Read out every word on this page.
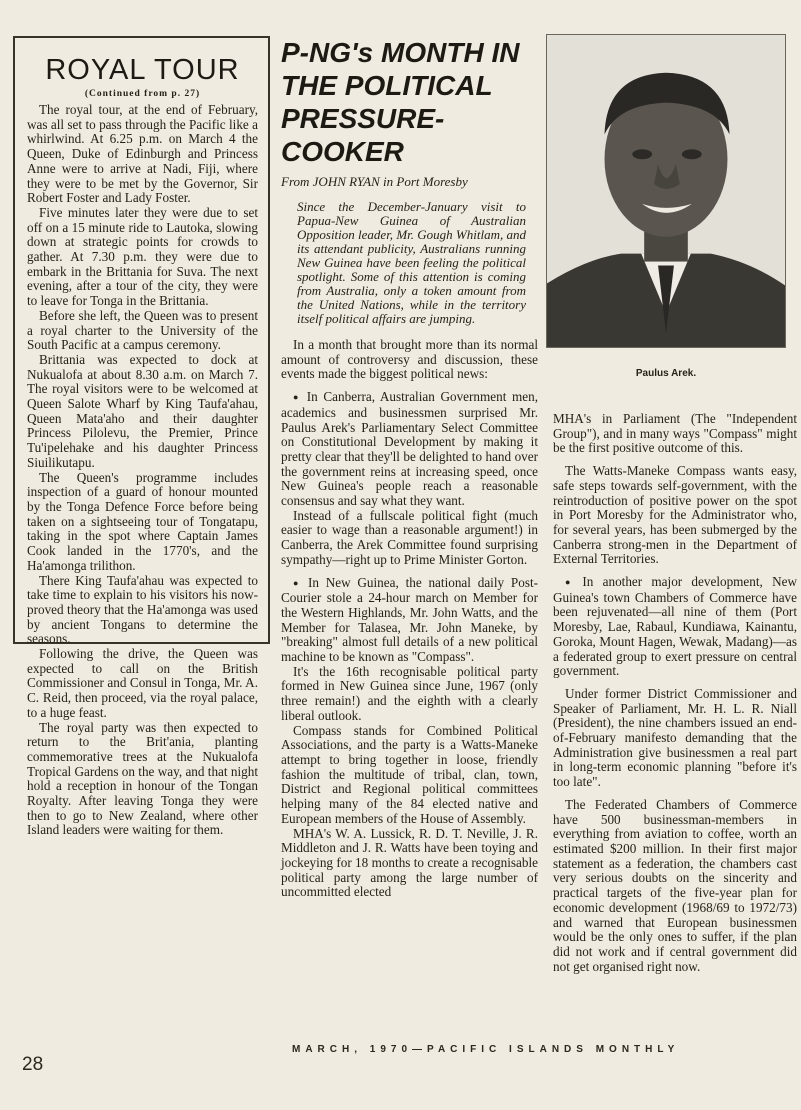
ROYAL TOUR
(Continued from p. 27)

The royal tour, at the end of February, was all set to pass through the Pacific like a whirlwind. At 6.25 p.m. on March 4 the Queen, Duke of Edinburgh and Princess Anne were to arrive at Nadi, Fiji, where they were to be met by the Governor, Sir Robert Foster and Lady Foster.

Five minutes later they were due to set off on a 15 minute ride to Lautoka, slowing down at strategic points for crowds to gather. At 7.30 p.m. they were due to embark in the Brittania for Suva. The next evening, after a tour of the city, they were to leave for Tonga in the Brittania.

Before she left, the Queen was to present a royal charter to the University of the South Pacific at a campus ceremony.

Brittania was expected to dock at Nukualofa at about 8.30 a.m. on March 7. The royal visitors were to be welcomed at Queen Salote Wharf by King Taufa'ahau, Queen Mata'aho and their daughter Princess Pilolevu, the Premier, Prince Tu'ipelehake and his daughter Princess Siuilikutapu.

The Queen's programme includes inspection of a guard of honour mounted by the Tonga Defence Force before being taken on a sightseeing tour of Tongatapu, taking in the spot where Captain James Cook landed in the 1770's, and the Ha'amonga trilithon.

There King Taufa'ahau was expected to take time to explain to his visitors his now-proved theory that the Ha'amonga was used by ancient Tongans to determine the seasons.

Following the drive, the Queen was expected to call on the British Commissioner and Consul in Tonga, Mr. A. C. Reid, then proceed, via the royal palace, to a huge feast.

The royal party was then expected to return to the Brit'ania, planting commemorative trees at the Nukualofa Tropical Gardens on the way, and that night hold a reception in honour of the Tongan Royalty. After leaving Tonga they were then to go to New Zealand, where other Island leaders were waiting for them.

P-NG's MONTH IN THE POLITICAL PRESSURE-COOKER
From JOHN RYAN in Port Moresby
Since the December-January visit to Papua-New Guinea of Australian Opposition leader, Mr. Gough Whitlam, and its attendant publicity, Australians running New Guinea have been feeling the political spotlight. Some of this attention is coming from Australia, only a token amount from the United Nations, while in the territory itself political affairs are jumping.

In a month that brought more than its normal amount of controversy and discussion, these events made the biggest political news:

● In Canberra, Australian Government men, academics and businessmen surprised Mr. Paulus Arek's Parliamentary Select Committee on Constitutional Development by making it pretty clear that they'll be delighted to hand over the government reins at increasing speed, once New Guinea's people reach a reasonable consensus and say what they want.

Instead of a fullscale political fight (much easier to wage than a reasonable argument!) in Canberra, the Arek Committee found surprising sympathy—right up to Prime Minister Gorton.

● In New Guinea, the national daily Post-Courier stole a 24-hour march on Member for the Western Highlands, Mr. John Watts, and the Member for Talasea, Mr. John Maneke, by "breaking" almost full details of a new political machine to be known as "Compass".

It's the 16th recognisable political party formed in New Guinea since June, 1967 (only three remain!) and the eighth with a clearly liberal outlook.

Compass stands for Combined Political Associations, and the party is a Watts-Maneke attempt to bring together in loose, friendly fashion the multitude of tribal, clan, town, District and Regional political committees helping many of the 84 elected native and European members of the House of Assembly.

MHA's W. A. Lussick, R. D. T. Neville, J. R. Middleton and J. R. Watts have been toying and jockeying for 18 months to create a recognisable political party among the large number of uncommitted elected

Paulus Arek.

MHA's in Parliament (The "Independent Group"), and in many ways "Compass" might be the first positive outcome of this.

The Watts-Maneke Compass wants easy, safe steps towards self-government, with the reintroduction of positive power on the spot in Port Moresby for the Administrator who, for several years, has been submerged by the Canberra strong-men in the Department of External Territories.

● In another major development, New Guinea's town Chambers of Commerce have been rejuvenated—all nine of them (Port Moresby, Lae, Rabaul, Kundiawa, Kainantu, Goroka, Mount Hagen, Wewak, Madang)—as a federated group to exert pressure on central government.

Under former District Commissioner and Speaker of Parliament, Mr. H. L. R. Niall (President), the nine chambers issued an end-of-February manifesto demanding that the Administration give businessmen a real part in long-term economic planning "before it's too late".

The Federated Chambers of Commerce have 500 businessman-members in everything from aviation to coffee, worth an estimated $200 million. In their first major statement as a federation, the chambers cast very serious doubts on the sincerity and practical targets of the five-year plan for economic development (1968/69 to 1972/73) and warned that European businessmen would be the only ones to suffer, if the plan did not work and if central government did not get organised right now.

MARCH, 1970—PACIFIC ISLANDS MONTHLY
28
